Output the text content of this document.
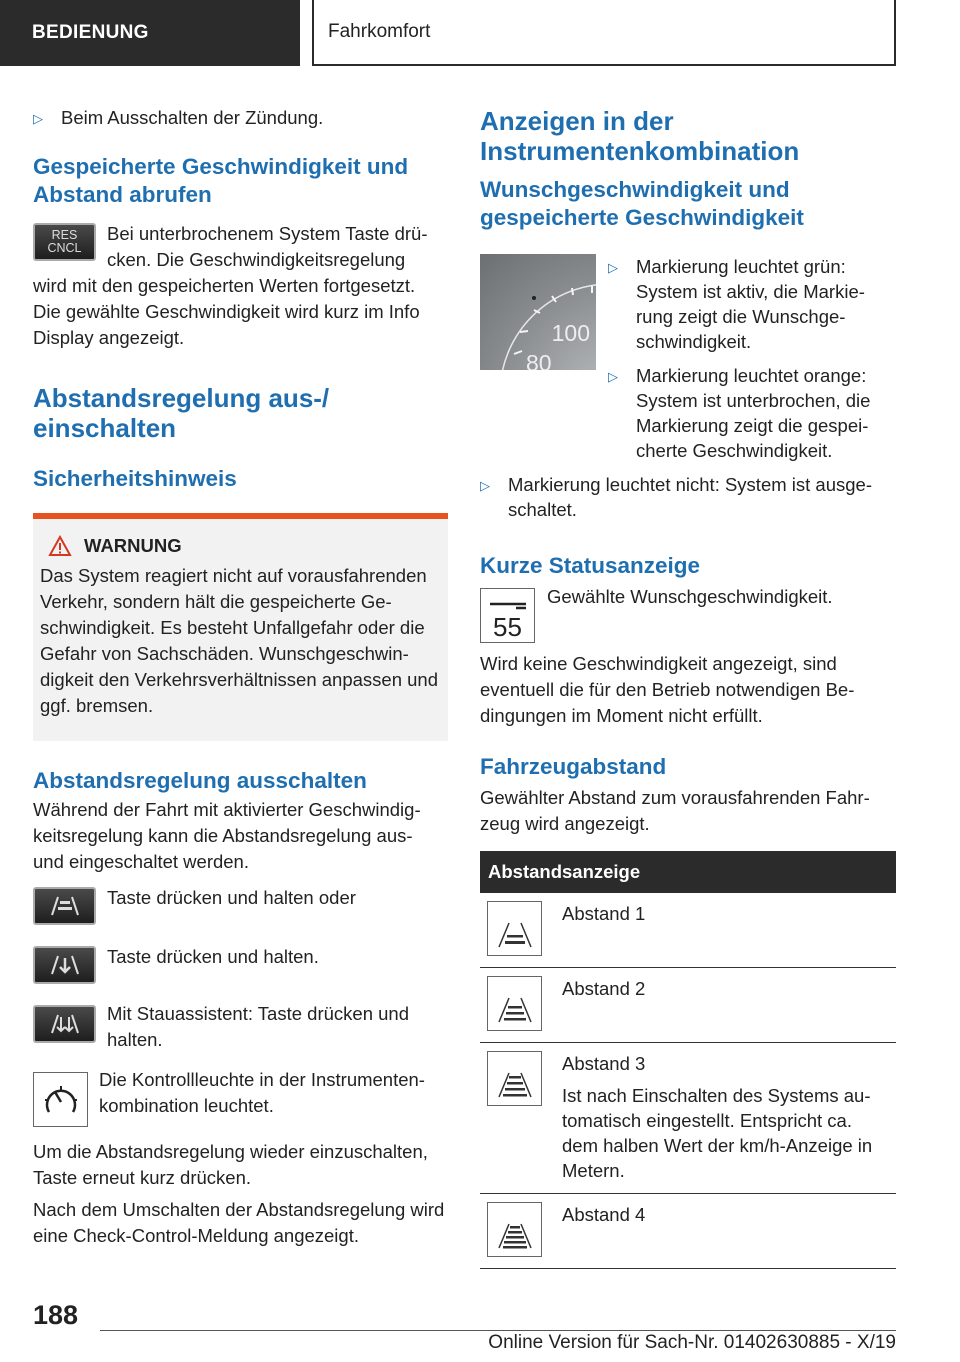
BEDIENUNG	Fahrkomfort
▷ Beim Ausschalten der Zündung.
Gespeicherte Geschwindigkeit und Abstand abrufen
RES
CNCL

Bei unterbrochenem System Taste drü-

cken. Die Geschwindigkeitsregelung

wird mit den gespeicherten Werten fortgesetzt. Die gewählte Geschwindigkeit wird kurz im Info Display angezeigt.

Abstandsregelung aus-/ einschalten
Sicherheitshinweis
WARNUNG

Das System reagiert nicht auf vorausfahrenden Verkehr, sondern hält die gespeicherte Ge-schwindigkeit. Es besteht Unfallgefahr oder die Gefahr von Sachschäden. Wunschgeschwin-digkeit den Verkehrsverhältnissen anpassen und ggf. bremsen.

Abstandsregelung ausschalten

Während der Fahrt mit aktivierter Geschwindig-keitsregelung kann die Abstandsregelung aus- und eingeschaltet werden.

Taste drücken und halten oder

Taste drücken und halten.

Mit Stauassistent: Taste drücken und halten.

Die Kontrollleuchte in der Instrumenten-kombination leuchtet.

Um die Abstandsregelung wieder einzuschalten, Taste erneut kurz drücken.

Nach dem Umschalten der Abstandsregelung wird eine Check-Control-Meldung angezeigt.

Anzeigen in der Instrumentenkombination
Wunschgeschwindigkeit und gespeicherte Geschwindigkeit
100
80
▷ Markierung leuchtet grün: System ist aktiv, die Markie-rung zeigt die Wunschge-schwindigkeit.
▷ Markierung leuchtet orange: System ist unterbrochen, die Markierung zeigt die gespei-cherte Geschwindigkeit.
▷ Markierung leuchtet nicht: System ist ausge-schaltet.
Kurze Statusanzeige
55

Gewählte Wunschgeschwindigkeit.

Wird keine Geschwindigkeit angezeigt, sind eventuell die für den Betrieb notwendigen Be-dingungen im Moment nicht erfüllt.

Fahrzeugabstand

Gewählter Abstand zum vorausfahrenden Fahr-zeug wird angezeigt.

Abstandsanzeige	

	Abstand 1

	Abstand 2

Abstand 3
Ist nach Einschalten des Systems au-tomatisch eingestellt. Entspricht ca. dem halben Wert der km/h-Anzeige in Metern.

	Abstand 4
188
Online Version für Sach-Nr. 01402630885 - X/19
